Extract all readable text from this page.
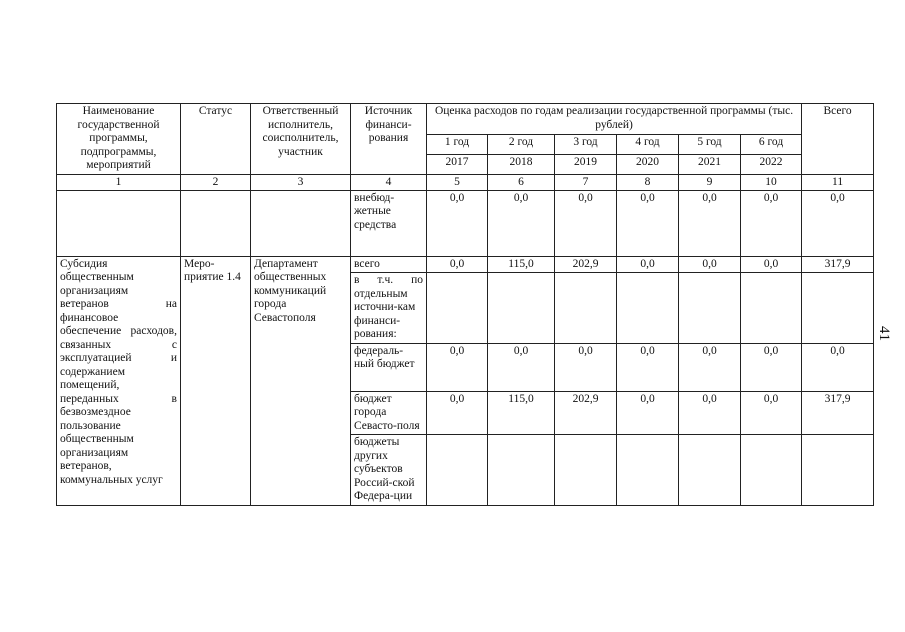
41
Наименование государственной программы, подпрограммы, мероприятий	Статус	Ответственный исполнитель, соисполнитель, участник	Источник финанси-рования	Оценка расходов по годам реализации государственной программы (тыс. рублей)						Всего
				1 год	2 год	3 год	4 год	5 год	6 год	
				2017	2018	2019	2020	2021	2022	
1	2	3	4	5	6	7	8	9	10	11
			внебюд-жетные средства	0,0	0,0	0,0	0,0	0,0	0,0	0,0
Субсидия общественным организациям ветеранов на финансовое обеспечение расходов, связанных с эксплуатацией и содержанием помещений, переданных в безвозмездное пользование общественным организациям ветеранов, коммунальных услуг	Меро-приятие 1.4	Департамент общественных коммуникаций города Севастополя	всего	0,0	115,0	202,9	0,0	0,0	0,0	317,9
			в т.ч. по отдельным источни-кам финанси-рования:							
			федераль-ный бюджет	0,0	0,0	0,0	0,0	0,0	0,0	0,0
			бюджет города Севасто-поля	0,0	115,0	202,9	0,0	0,0	0,0	317,9
			бюджеты других субъектов Россий-ской Федера-ции							
